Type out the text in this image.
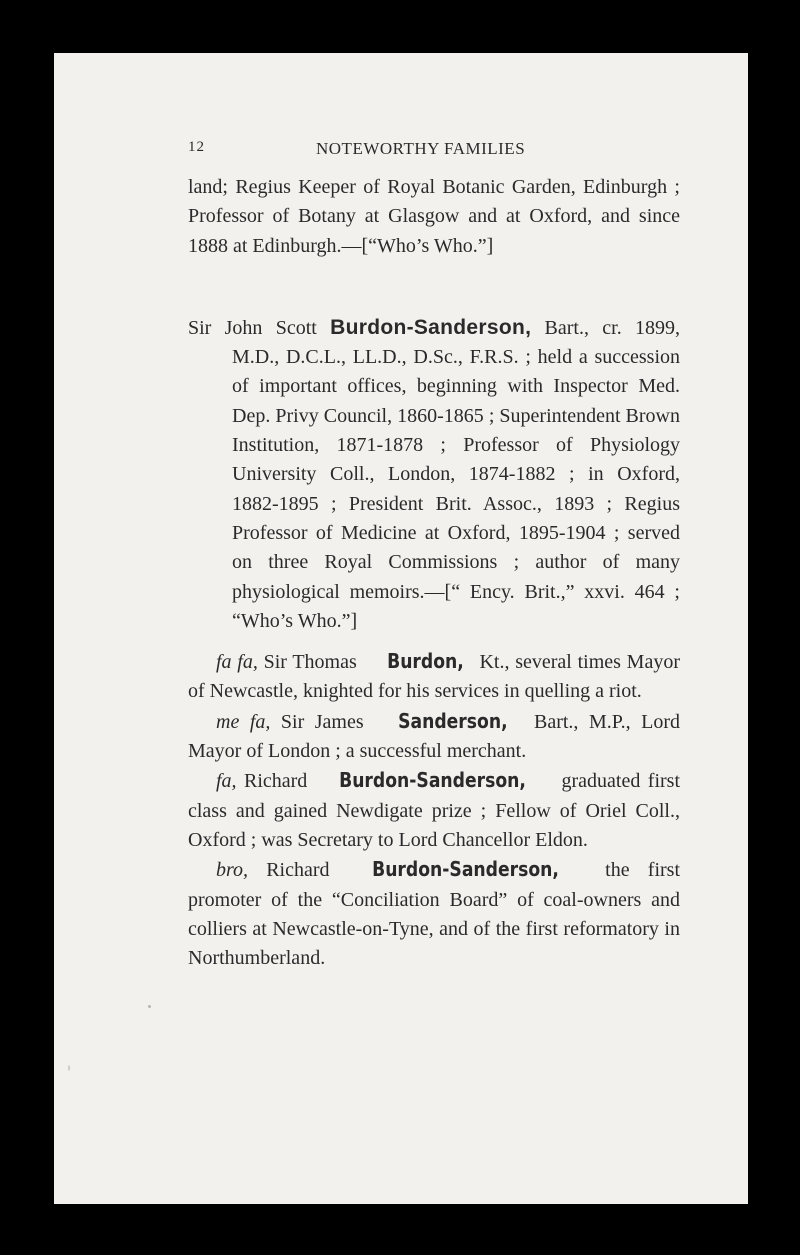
12	NOTEWORTHY FAMILIES

land; Regius Keeper of Royal Botanic Garden, Edinburgh ; Professor of Botany at Glasgow and at Oxford, and since 1888 at Edinburgh.—[“Who’s Who.”]

Sir John Scott Burdon-Sanderson, Bart., cr. 1899, M.D., D.C.L., LL.D., D.Sc., F.R.S. ; held a succession of important offices, beginning with Inspector Med. Dep. Privy Council, 1860-1865 ; Superintendent Brown Institution, 1871-1878 ; Professor of Physiology University Coll., London, 1874-1882 ; in Oxford, 1882-1895 ; President Brit. Assoc., 1893 ; Regius Professor of Medicine at Oxford, 1895-1904 ; served on three Royal Commissions ; author of many physiological memoirs.—[“ Ency. Brit.,” xxvi. 464 ; “Who’s Who.”]

fa fa, Sir Thomas Burdon, Kt., several times Mayor of Newcastle, knighted for his services in quelling a riot.

me fa, Sir James Sanderson, Bart., M.P., Lord Mayor of London ; a successful merchant.

fa, Richard Burdon-Sanderson, graduated first class and gained Newdigate prize ; Fellow of Oriel Coll., Oxford ; was Secretary to Lord Chancellor Eldon.

bro, Richard Burdon-Sanderson, the first promoter of the “Conciliation Board” of coal-owners and colliers at Newcastle-on-Tyne, and of the first reformatory in Northumberland.
